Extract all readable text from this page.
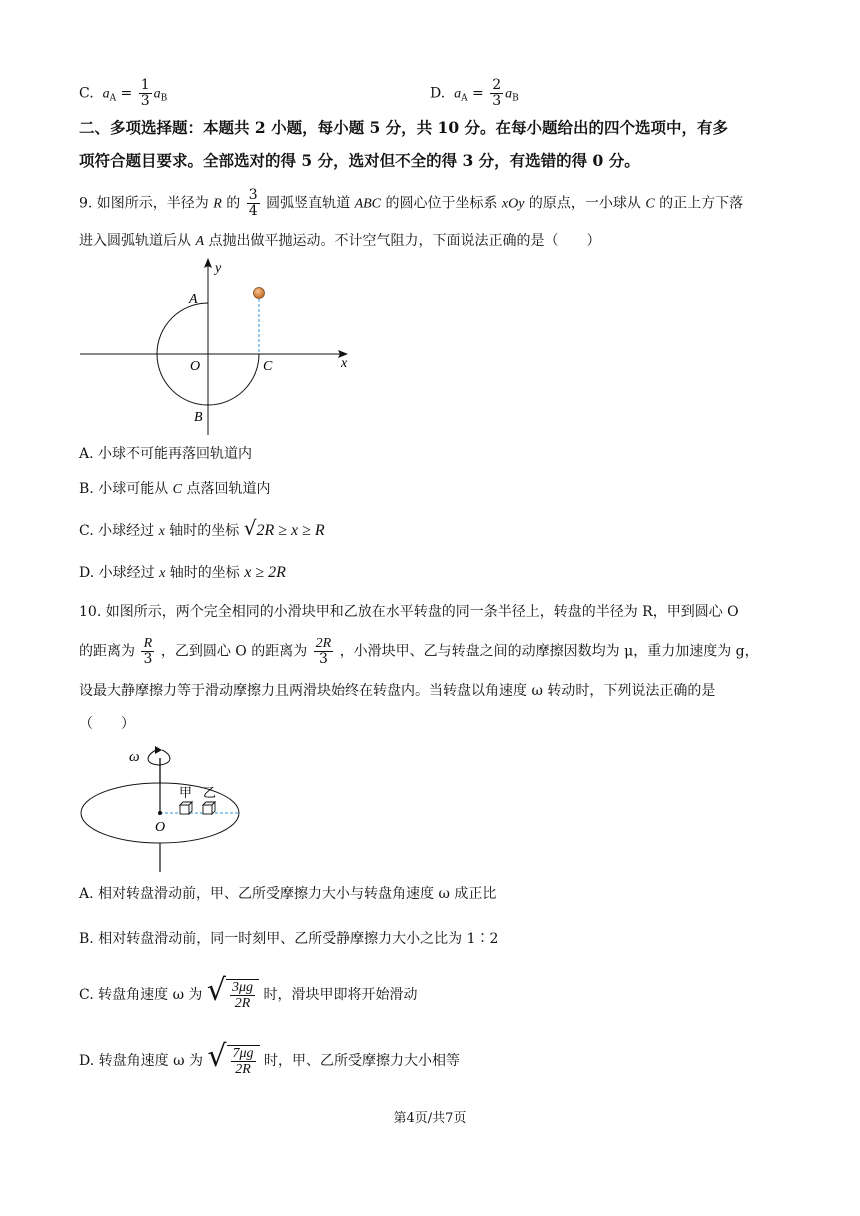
C. $a_A = \frac{1}{3} a_B$	D. $a_A = \frac{2}{3} a_B$
二、多项选择题：本题共 2 小题，每小题 5 分，共 10 分。在每小题给出的四个选项中，有多
项符合题目要求。全部选对的得 5 分，选对但不全的得 3 分，有选错的得 0 分。
9. 如图所示，半径为 R 的 $\frac{3}{4}$ 圆弧竖直轨道 ABC 的圆心位于坐标系 xOy 的原点，一小球从 C 的正上方下落
进入圆弧轨道后从 A 点抛出做平抛运动。不计空气阻力，下面说法正确的是（　　）
y
x
A
O	C
B
A. 小球不可能再落回轨道内
B. 小球可能从 C 点落回轨道内
C. 小球经过 x 轴时的坐标 √2R ≥ x ≥ R
D. 小球经过 x 轴时的坐标 x ≥ 2R
10. 如图所示，两个完全相同的小滑块甲和乙放在水平转盘的同一条半径上，转盘的半径为 R，甲到圆心 O
的距离为 $\frac{R}{3}$ ，乙到圆心 O 的距离为 $\frac{2R}{3}$ ，小滑块甲、乙与转盘之间的动摩擦因数均为 μ，重力加速度为 g，
设最大静摩擦力等于滑动摩擦力且两滑块始终在转盘内。当转盘以角速度 ω 转动时，下列说法正确的是
（　　）
ω
甲 乙
O
A. 相对转盘滑动前，甲、乙所受摩擦力大小与转盘角速度 ω 成正比
B. 相对转盘滑动前，同一时刻甲、乙所受静摩擦力大小之比为 1∶2
C. 转盘角速度 ω 为 √ $\frac{3\mu g}{2R}$ 时，滑块甲即将开始滑动
D. 转盘角速度 ω 为 √ $\frac{7\mu g}{2R}$ 时，甲、乙所受摩擦力大小相等
第4页/共7页
